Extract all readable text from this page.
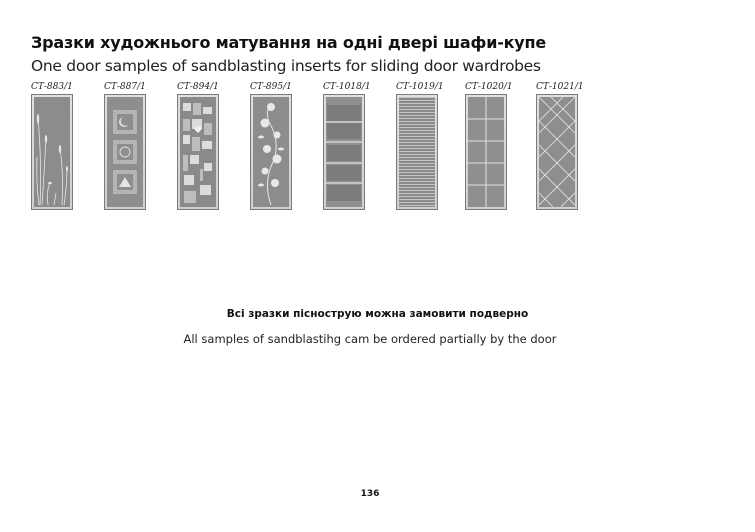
Зразки художнього матування на одні двері шафи-купе
One door samples of sandblasting inserts for sliding door wardrobes
СТ-883/1	СТ-887/1	СТ-894/1	СТ-895/1	СТ-1018/1	СТ-1019/1 СТ-1020/1	СТ-1021/1
Всі зразки піснострую можна замовити подверно
All samples of sandblastihg cam be ordered partially by the door
136
